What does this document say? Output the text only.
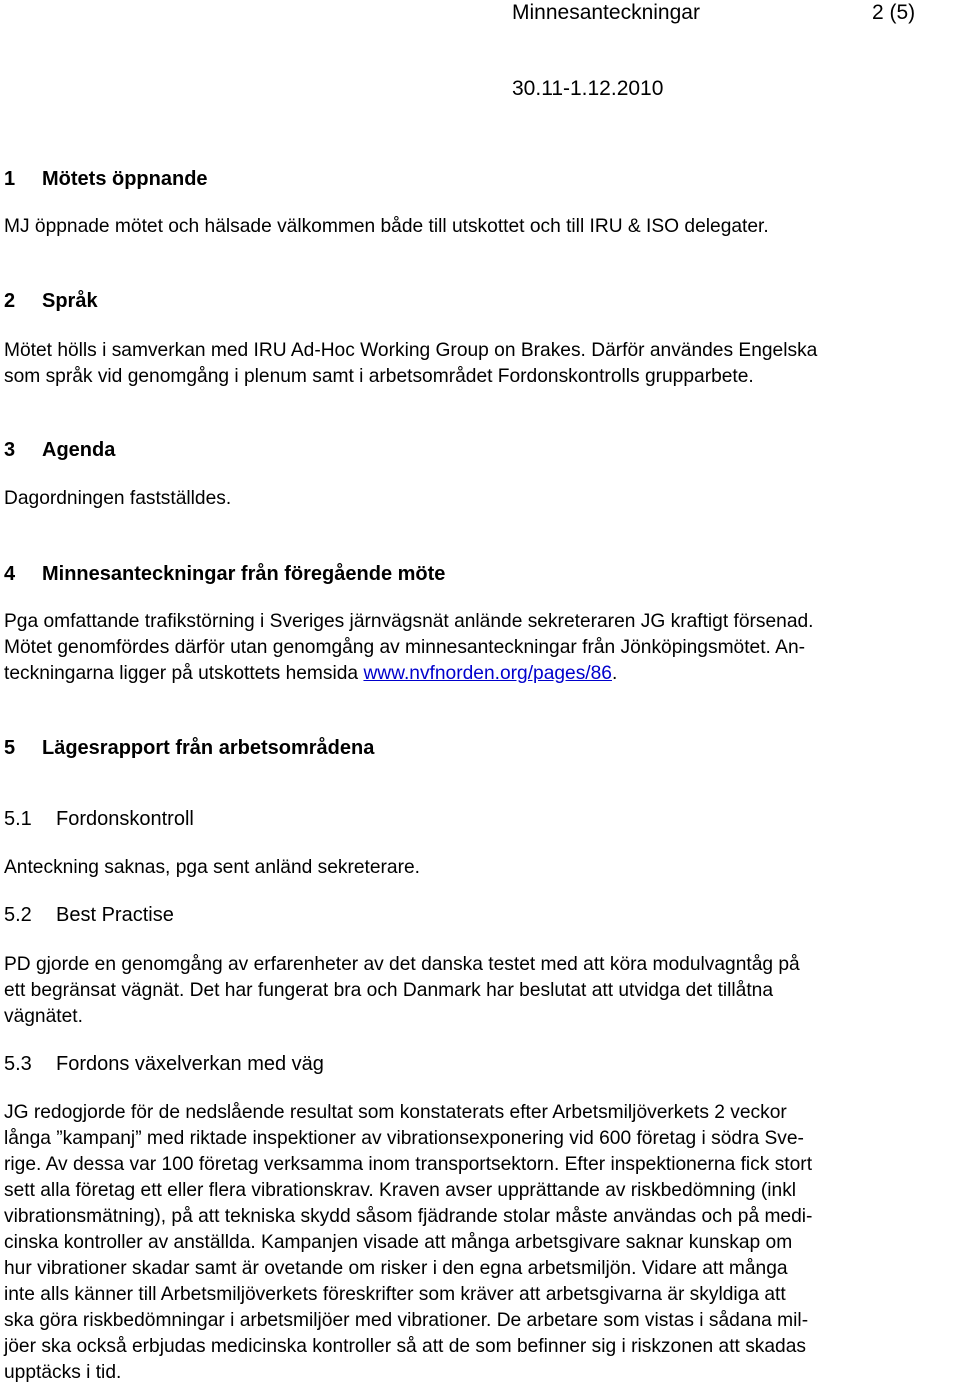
Minnesanteckningar	2 (5)
30.11-1.12.2010
1 Mötets öppnande
MJ öppnade mötet och hälsade välkommen både till utskottet och till IRU & ISO delegater.
2 Språk
Mötet hölls i samverkan med IRU Ad-Hoc Working Group on Brakes. Därför användes Engelska
som språk vid genomgång i plenum samt i arbetsområdet Fordonskontrolls grupparbete.
3 Agenda
Dagordningen fastställdes.
4 Minnesanteckningar från föregående möte
Pga omfattande trafikstörning i Sveriges järnvägsnät anlände sekreteraren JG kraftigt försenad.
Mötet genomfördes därför utan genomgång av minnesanteckningar från Jönköpingsmötet. An-
teckningarna ligger på utskottets hemsida www.nvfnorden.org/pages/86.
5 Lägesrapport från arbetsområdena
5.1 Fordonskontroll
Anteckning saknas, pga sent anländ sekreterare.
5.2 Best Practise
PD gjorde en genomgång av erfarenheter av det danska testet med att köra modulvagntåg på
ett begränsat vägnät. Det har fungerat bra och Danmark har beslutat att utvidga det tillåtna
vägnätet.
5.3 Fordons växelverkan med väg
JG redogjorde för de nedslående resultat som konstaterats efter Arbetsmiljöverkets 2 veckor
långa ”kampanj” med riktade inspektioner av vibrationsexponering vid 600 företag i södra Sve-
rige. Av dessa var 100 företag verksamma inom transportsektorn. Efter inspektionerna fick stort
sett alla företag ett eller flera vibrationskrav. Kraven avser upprättande av riskbedömning (inkl
vibrationsmätning), på att tekniska skydd såsom fjädrande stolar måste användas och på medi-
cinska kontroller av anställda. Kampanjen visade att många arbetsgivare saknar kunskap om
hur vibrationer skadar samt är ovetande om risker i den egna arbetsmiljön. Vidare att många
inte alls känner till Arbetsmiljöverkets föreskrifter som kräver att arbetsgivarna är skyldiga att
ska göra riskbedömningar i arbetsmiljöer med vibrationer. De arbetare som vistas i sådana mil-
jöer ska också erbjudas medicinska kontroller så att de som befinner sig i riskzonen att skadas
upptäcks i tid.
